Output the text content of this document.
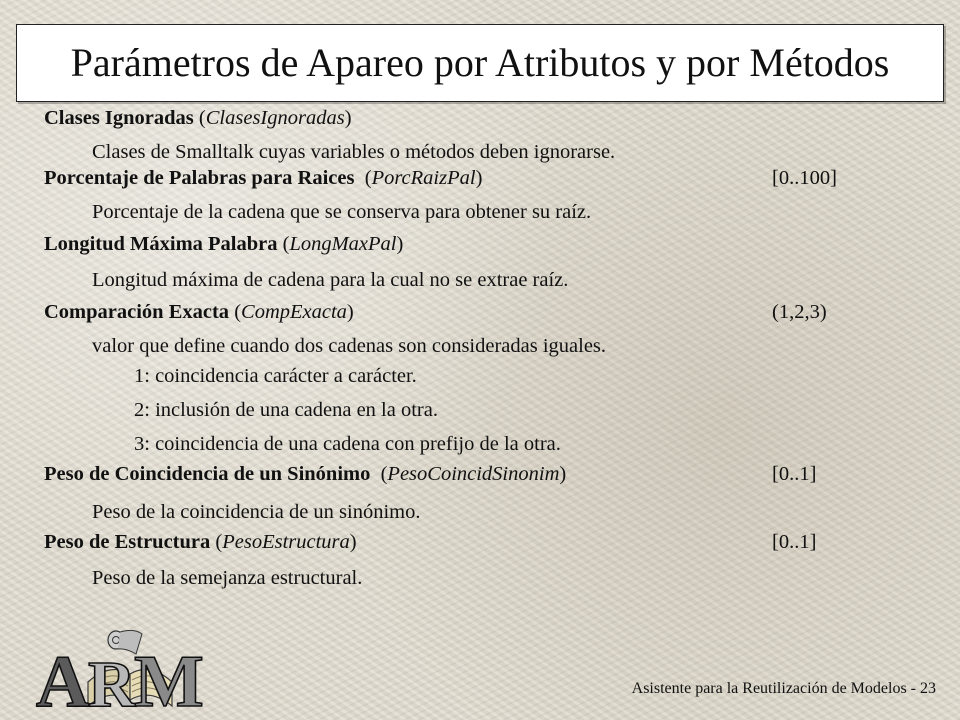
Parámetros de Apareo por Atributos y por Métodos
Clases Ignoradas (ClasesIgnoradas)
Clases de Smalltalk cuyas variables o métodos deben ignorarse.
Porcentaje de Palabras para Raices  (PorcRaizPal)	[0..100]
Porcentaje de la cadena que se conserva para obtener su raíz.
Longitud Máxima Palabra (LongMaxPal)
Longitud máxima de cadena para la cual no se extrae raíz.
Comparación Exacta (CompExacta)	(1,2,3)
valor que define cuando dos cadenas son consideradas iguales.
1: coincidencia carácter a carácter.
2: inclusión de una cadena en la otra.
3: coincidencia de una cadena con prefijo de la otra.
Peso de Coincidencia de un Sinónimo  (PesoCoincidSinonim)	[0..1]
Peso de la coincidencia de un sinónimo.
Peso de Estructura (PesoEstructura)	[0..1]
Peso de la semejanza estructural.
A
R
M	Asistente para la Reutilización de Modelos - 23
